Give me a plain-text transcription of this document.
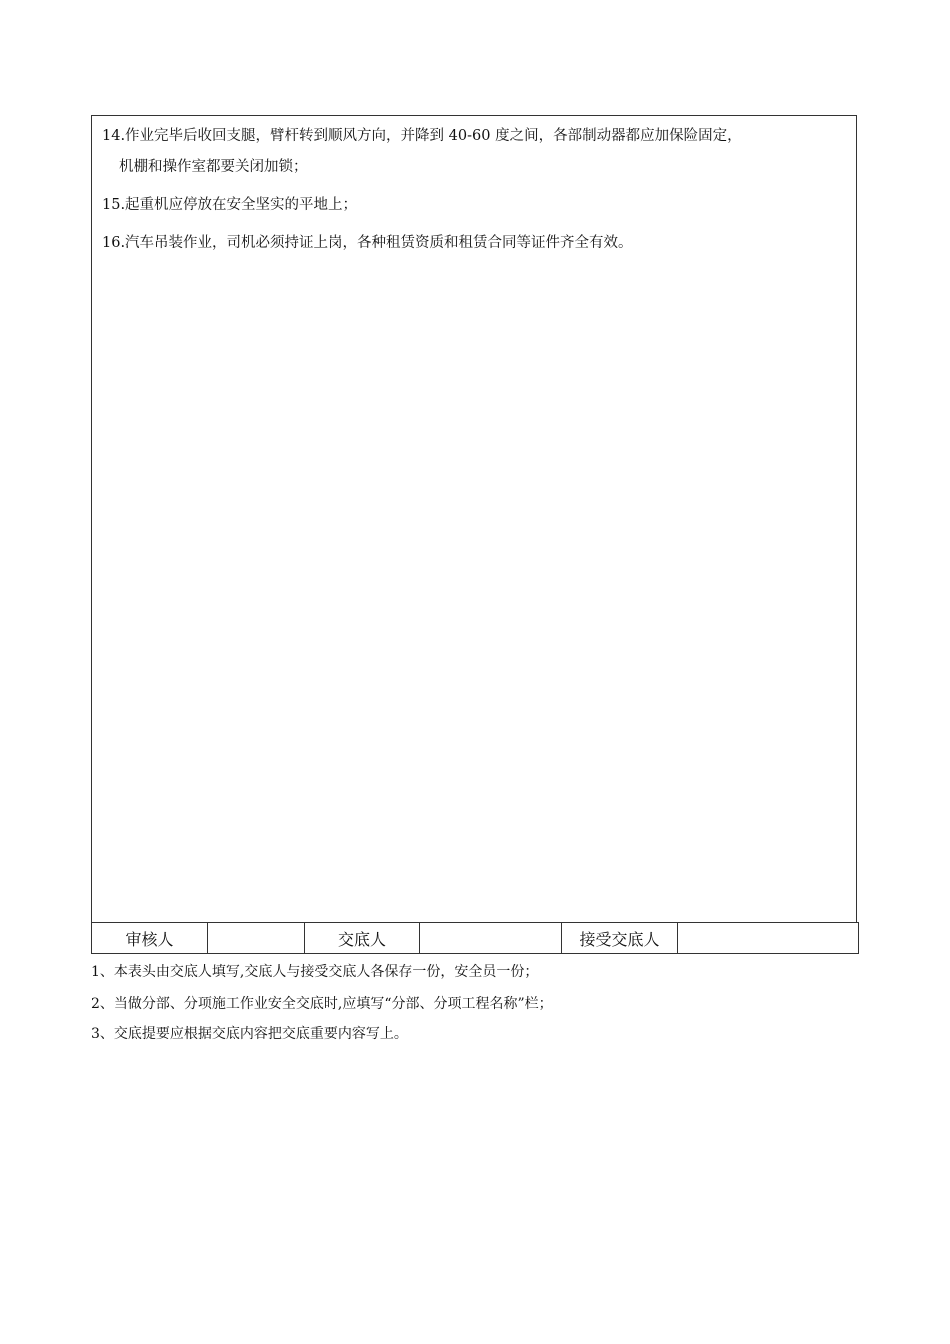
14.作业完毕后收回支腿，臂杆转到顺风方向，并降到 40-60 度之间，各部制动器都应加保险固定，
机棚和操作室都要关闭加锁；
15.起重机应停放在安全坚实的平地上；
16.汽车吊装作业，司机必须持证上岗，各种租赁资质和租赁合同等证件齐全有效。
审核人		交底人		接受交底人	
1、本表头由交底人填写,交底人与接受交底人各保存一份，安全员一份；
2、当做分部、分项施工作业安全交底时,应填写“分部、分项工程名称”栏；
3、交底提要应根据交底内容把交底重要内容写上。
